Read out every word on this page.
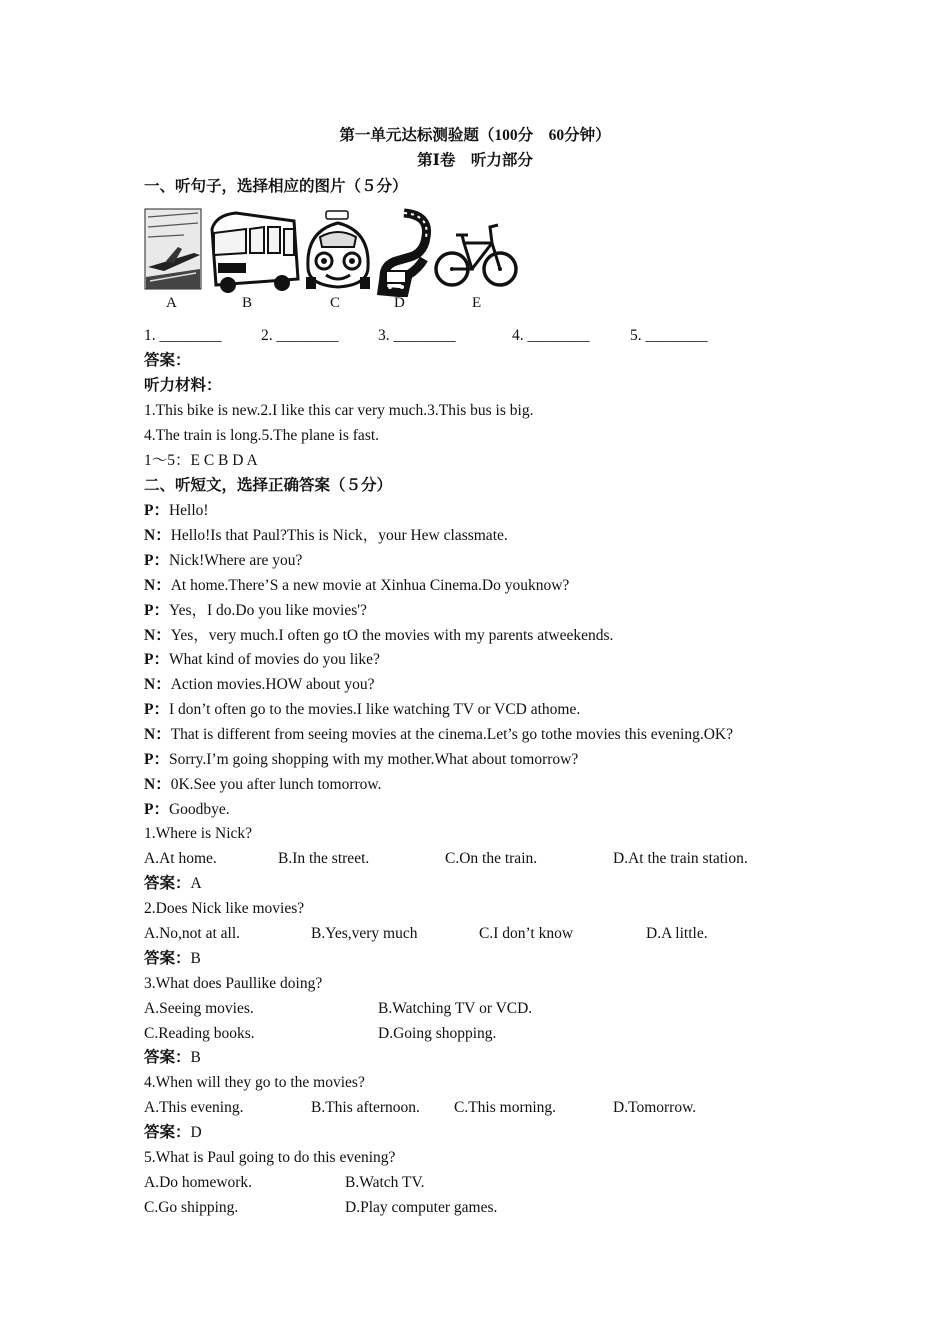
第一单元达标测验题（100分　60分钟）
第Ⅰ卷　听力部分
一、听句子，选择相应的图片（５分）
A	B	C	D	E
1. ________	2. ________	3. ________	4. ________	5. ________
答案：
听力材料：
1.This bike is new.2.I like this car very much.3.This bus is big.
4.The train is long.5.The plane is fast.
1～5：E C B D A
二、听短文，选择正确答案（５分）
P：Hello!
N：Hello!Is that Paul?This is Nick，your Hew classmate.
P：Nick!Where are you?
N：At home.There’S a new movie at Xinhua Cinema.Do youknow?
P：Yes，I do.Do you like movies'?
N：Yes，very much.I often go tO the movies with my parents atweekends.
P：What kind of movies do you like?
N：Action movies.HOW about you?
P：I don’t often go to the movies.I like watching TV or VCD athome.
N：That is different from seeing movies at the cinema.Let’s go tothe movies this evening.OK?
P：Sorry.I’m going shopping with my mother.What about tomorrow?
N：0K.See you after lunch tomorrow.
P：Goodbye.
1.Where is Nick?
A.At home.	B.In the street.	C.On the train.	D.At the train station.
答案：A
2.Does Nick like movies?
A.No,not at all.	B.Yes,very much	C.I don’t know	D.A little.
答案：B
3.What does Paullike doing?
A.Seeing movies.	B.Watching TV or VCD.
C.Reading books.	D.Going shopping.
答案：B
4.When will they go to the movies?
A.This evening.	B.This afternoon. C.This morning.	D.Tomorrow.
答案：D
5.What is Paul going to do this evening?
A.Do homework.	B.Watch TV.
C.Go shipping.	D.Play computer games.
